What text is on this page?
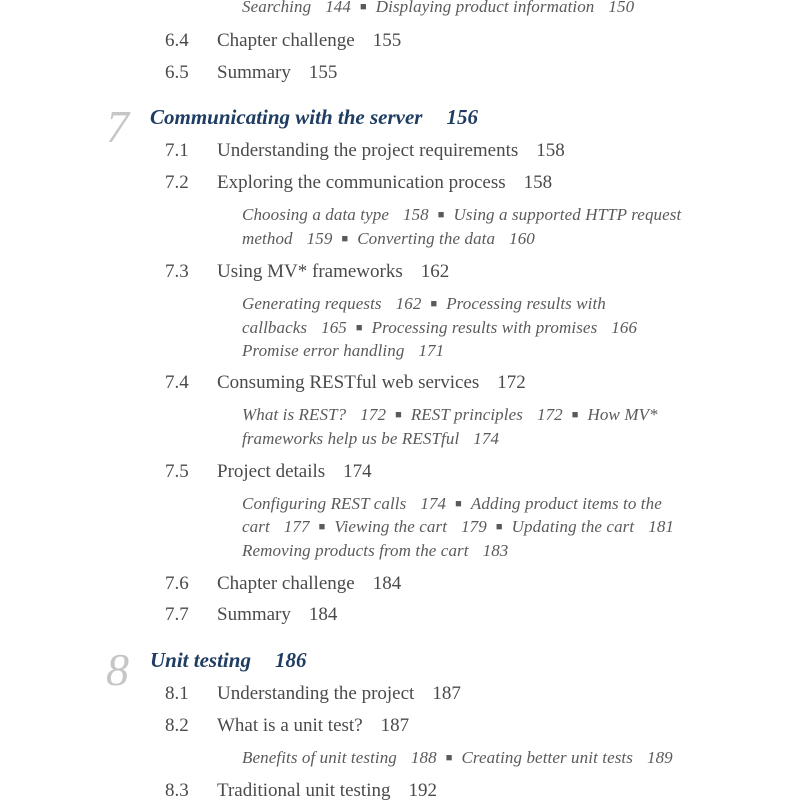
Searching 144 ■ Displaying product information 150
6.4 Chapter challenge 155
6.5 Summary 155
7 Communicating with the server 156
7.1 Understanding the project requirements 158
7.2 Exploring the communication process 158
Choosing a data type 158 ■ Using a supported HTTP request
method 159 ■ Converting the data 160
7.3 Using MV* frameworks 162
Generating requests 162 ■ Processing results with
callbacks 165 ■ Processing results with promises 166
Promise error handling 171
7.4 Consuming RESTful web services 172
What is REST? 172 ■ REST principles 172 ■ How MV*
frameworks help us be RESTful 174
7.5 Project details 174
Configuring REST calls 174 ■ Adding product items to the
cart 177 ■ Viewing the cart 179 ■ Updating the cart 181
Removing products from the cart 183
7.6 Chapter challenge 184
7.7 Summary 184
8 Unit testing 186
8.1 Understanding the project 187
8.2 What is a unit test? 187
Benefits of unit testing 188 ■ Creating better unit tests 189
8.3 Traditional unit testing 192
